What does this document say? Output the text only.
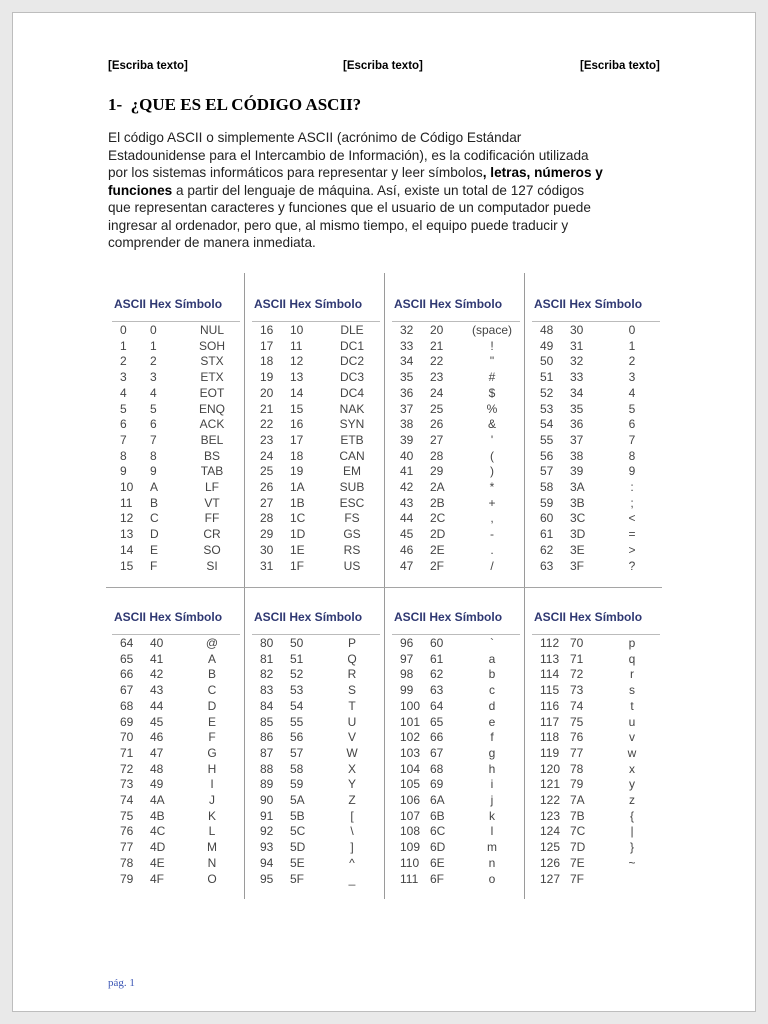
[Escriba texto]	[Escriba texto]	[Escriba texto]
1- ¿QUE ES EL CÓDIGO ASCII?
El código ASCII o simplemente ASCII (acrónimo de Código Estándar
Estadounidense para el Intercambio de Información), es la codificación utilizada
por los sistemas informáticos para representar y leer símbolos, letras, números y
funciones a partir del lenguaje de máquina. Así, existe un total de 127 códigos
que representan caracteres y funciones que el usuario de un computador puede
ingresar al ordenador, pero que, al mismo tiempo, el equipo puede traducir y
comprender de manera inmediata.
ASCII Hex Símbolo
0 0	NUL
1 1	SOH
2 2	STX
3 3	ETX
4 4	EOT
5 5	ENQ
6 6	ACK
7 7	BEL
8 8	BS
9 9	TAB
10 A	LF
11 B	VT
12 C	FF
13 D	CR
14 E	SO
15 F	SI
ASCII Hex Símbolo
16 10	DLE
17 11	DC1
18 12	DC2
19 13	DC3
20 14	DC4
21 15	NAK
22 16	SYN
23 17	ETB
24 18	CAN
25 19	EM
26 1A	SUB
27 1B	ESC
28 1C	FS
29 1D	GS
30 1E	RS
31 1F	US
ASCII Hex Símbolo
32 20	(space)
33 21	!
34 22	"
35 23	#
36 24	$
37 25	%
38 26	&
39 27	'
40 28	(
41 29	)
42 2A	*
43 2B	+
44 2C	,
45 2D	-
46 2E	.
47 2F	/
ASCII Hex Símbolo
48 30	0
49 31	1
50 32	2
51 33	3
52 34	4
53 35	5
54 36	6
55 37	7
56 38	8
57 39	9
58 3A	:
59 3B	;
60 3C	<
61 3D	=
62 3E	>
63 3F	?
ASCII Hex Símbolo
64 40	@
65 41	A
66 42	B
67 43	C
68 44	D
69 45	E
70 46	F
71 47	G
72 48	H
73 49	I
74 4A	J
75 4B	K
76 4C	L
77 4D	M
78 4E	N
79 4F	O
ASCII Hex Símbolo
80 50	P
81 51	Q
82 52	R
83 53	S
84 54	T
85 55	U
86 56	V
87 57	W
88 58	X
89 59	Y
90 5A	Z
91 5B	[
92 5C	\
93 5D	]
94 5E	^
95 5F	_
ASCII Hex Símbolo
96 60	`
97 61	a
98 62	b
99 63	c
100 64	d
101 65	e
102 66	f
103 67	g
104 68	h
105 69	i
106 6A	j
107 6B	k
108 6C	l
109 6D	m
110 6E	n
111 6F	o
ASCII Hex Símbolo
112 70	p
113 71	q
114 72	r
115 73	s
116 74	t
117 75	u
118 76	v
119 77	w
120 78	x
121 79	y
122 7A	z
123 7B	{
124 7C	|
125 7D	}
126 7E	~
127 7F
pág. 1
